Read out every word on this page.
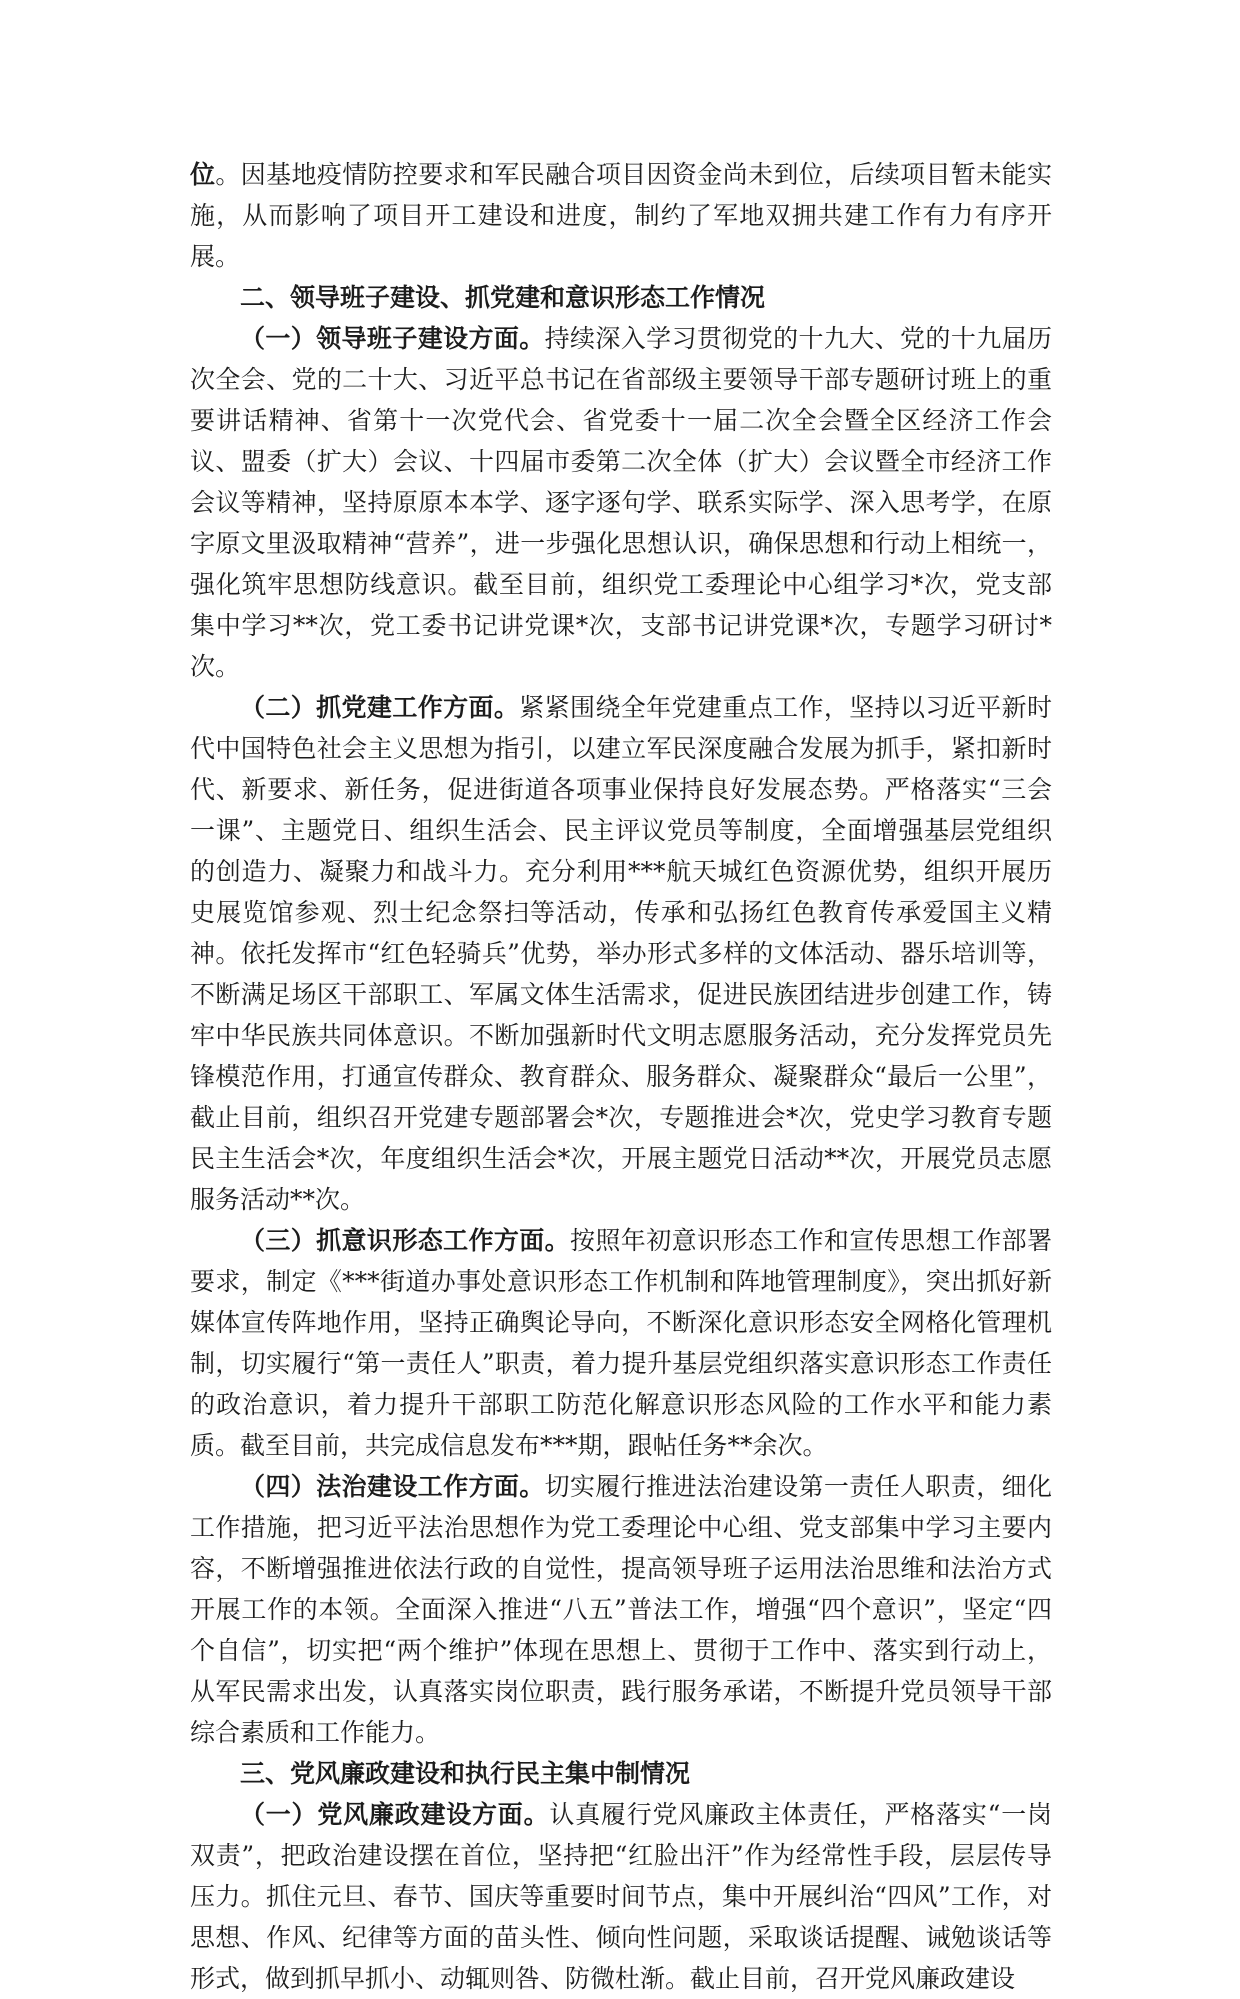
位。因基地疫情防控要求和军民融合项目因资金尚未到位，后续项目暂未能实施，从而影响了项目开工建设和进度，制约了军地双拥共建工作有力有序开展。

二、领导班子建设、抓党建和意识形态工作情况

（一）领导班子建设方面。持续深入学习贯彻党的十九大、党的十九届历次全会、党的二十大、习近平总书记在省部级主要领导干部专题研讨班上的重要讲话精神、省第十一次党代会、省党委十一届二次全会暨全区经济工作会议、盟委（扩大）会议、十四届市委第二次全体（扩大）会议暨全市经济工作会议等精神，坚持原原本本学、逐字逐句学、联系实际学、深入思考学，在原字原文里汲取精神“营养”，进一步强化思想认识，确保思想和行动上相统一，强化筑牢思想防线意识。截至目前，组织党工委理论中心组学习*次，党支部集中学习**次，党工委书记讲党课*次，支部书记讲党课*次，专题学习研讨*次。

（二）抓党建工作方面。紧紧围绕全年党建重点工作，坚持以习近平新时代中国特色社会主义思想为指引，以建立军民深度融合发展为抓手，紧扣新时代、新要求、新任务，促进街道各项事业保持良好发展态势。严格落实“三会一课”、主题党日、组织生活会、民主评议党员等制度，全面增强基层党组织的创造力、凝聚力和战斗力。充分利用***航天城红色资源优势，组织开展历史展览馆参观、烈士纪念祭扫等活动，传承和弘扬红色教育传承爱国主义精神。依托发挥市“红色轻骑兵”优势，举办形式多样的文体活动、器乐培训等，不断满足场区干部职工、军属文体生活需求，促进民族团结进步创建工作，铸牢中华民族共同体意识。不断加强新时代文明志愿服务活动，充分发挥党员先锋模范作用，打通宣传群众、教育群众、服务群众、凝聚群众“最后一公里”，截止目前，组织召开党建专题部署会*次，专题推进会*次，党史学习教育专题民主生活会*次，年度组织生活会*次，开展主题党日活动**次，开展党员志愿服务活动**次。

（三）抓意识形态工作方面。按照年初意识形态工作和宣传思想工作部署要求，制定《***街道办事处意识形态工作机制和阵地管理制度》，突出抓好新媒体宣传阵地作用，坚持正确舆论导向，不断深化意识形态安全网格化管理机制，切实履行“第一责任人”职责，着力提升基层党组织落实意识形态工作责任的政治意识，着力提升干部职工防范化解意识形态风险的工作水平和能力素质。截至目前，共完成信息发布***期，跟帖任务**余次。

（四）法治建设工作方面。切实履行推进法治建设第一责任人职责，细化工作措施，把习近平法治思想作为党工委理论中心组、党支部集中学习主要内容，不断增强推进依法行政的自觉性，提高领导班子运用法治思维和法治方式开展工作的本领。全面深入推进“八五”普法工作，增强“四个意识”，坚定“四个自信”，切实把“两个维护”体现在思想上、贯彻于工作中、落实到行动上，从军民需求出发，认真落实岗位职责，践行服务承诺，不断提升党员领导干部综合素质和工作能力。

三、党风廉政建设和执行民主集中制情况

（一）党风廉政建设方面。认真履行党风廉政主体责任，严格落实“一岗双责”，把政治建设摆在首位，坚持把“红脸出汗”作为经常性手段，层层传导压力。抓住元旦、春节、国庆等重要时间节点，集中开展纠治“四风”工作，对思想、作风、纪律等方面的苗头性、倾向性问题，采取谈话提醒、诫勉谈话等形式，做到抓早抓小、动辄则咎、防微杜渐。截止目前，召开党风廉政建设
